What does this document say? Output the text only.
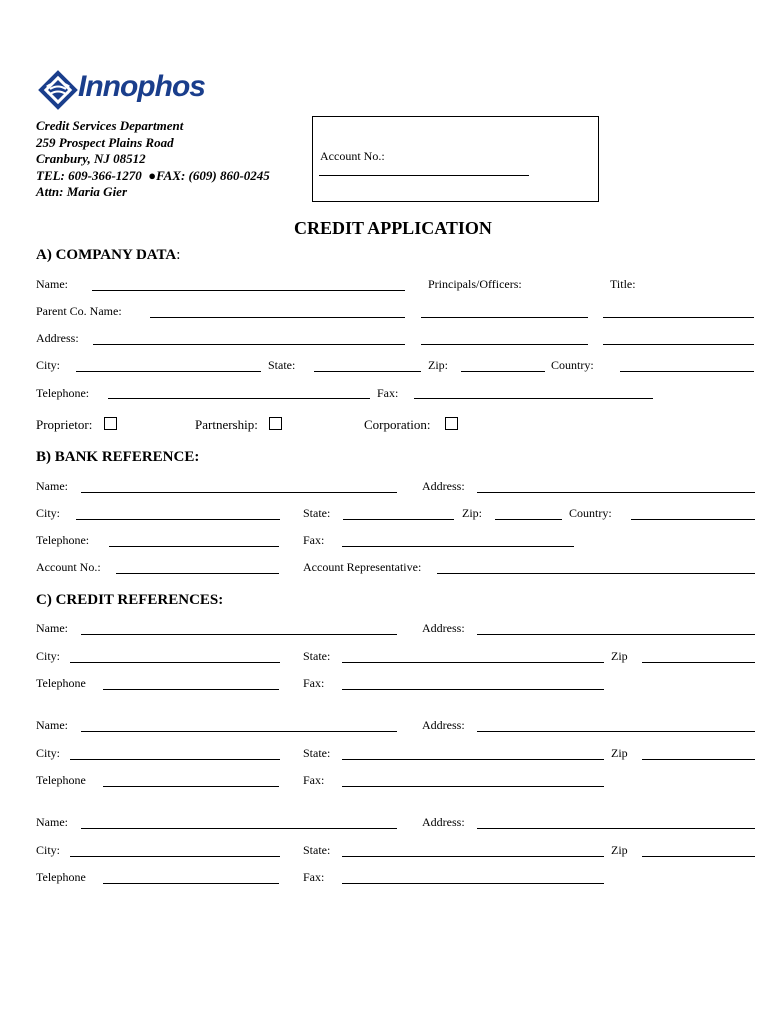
Innophos
Credit Services Department
259 Prospect Plains Road
Cranbury, NJ 08512
TEL: 609-366-1270  ●FAX: (609) 860-0245
Attn: Maria Gier
Account No.:
CREDIT APPLICATION
A) COMPANY DATA:
Name:	Principals/Officers:	Title:
Parent Co. Name:
Address:
City:	State:	Zip:	Country:
Telephone:	Fax:
Proprietor:	Partnership:	Corporation:
B) BANK REFERENCE:
Name:	Address:
City:	State:	Zip:	Country:
Telephone:	Fax:
Account No.:	Account Representative:
C) CREDIT REFERENCES:
Name:	Address:
City:	State:	Zip
Telephone	Fax:
Name:	Address:
City:	State:	Zip
Telephone	Fax:
Name:	Address:
City:	State:	Zip
Telephone	Fax:
